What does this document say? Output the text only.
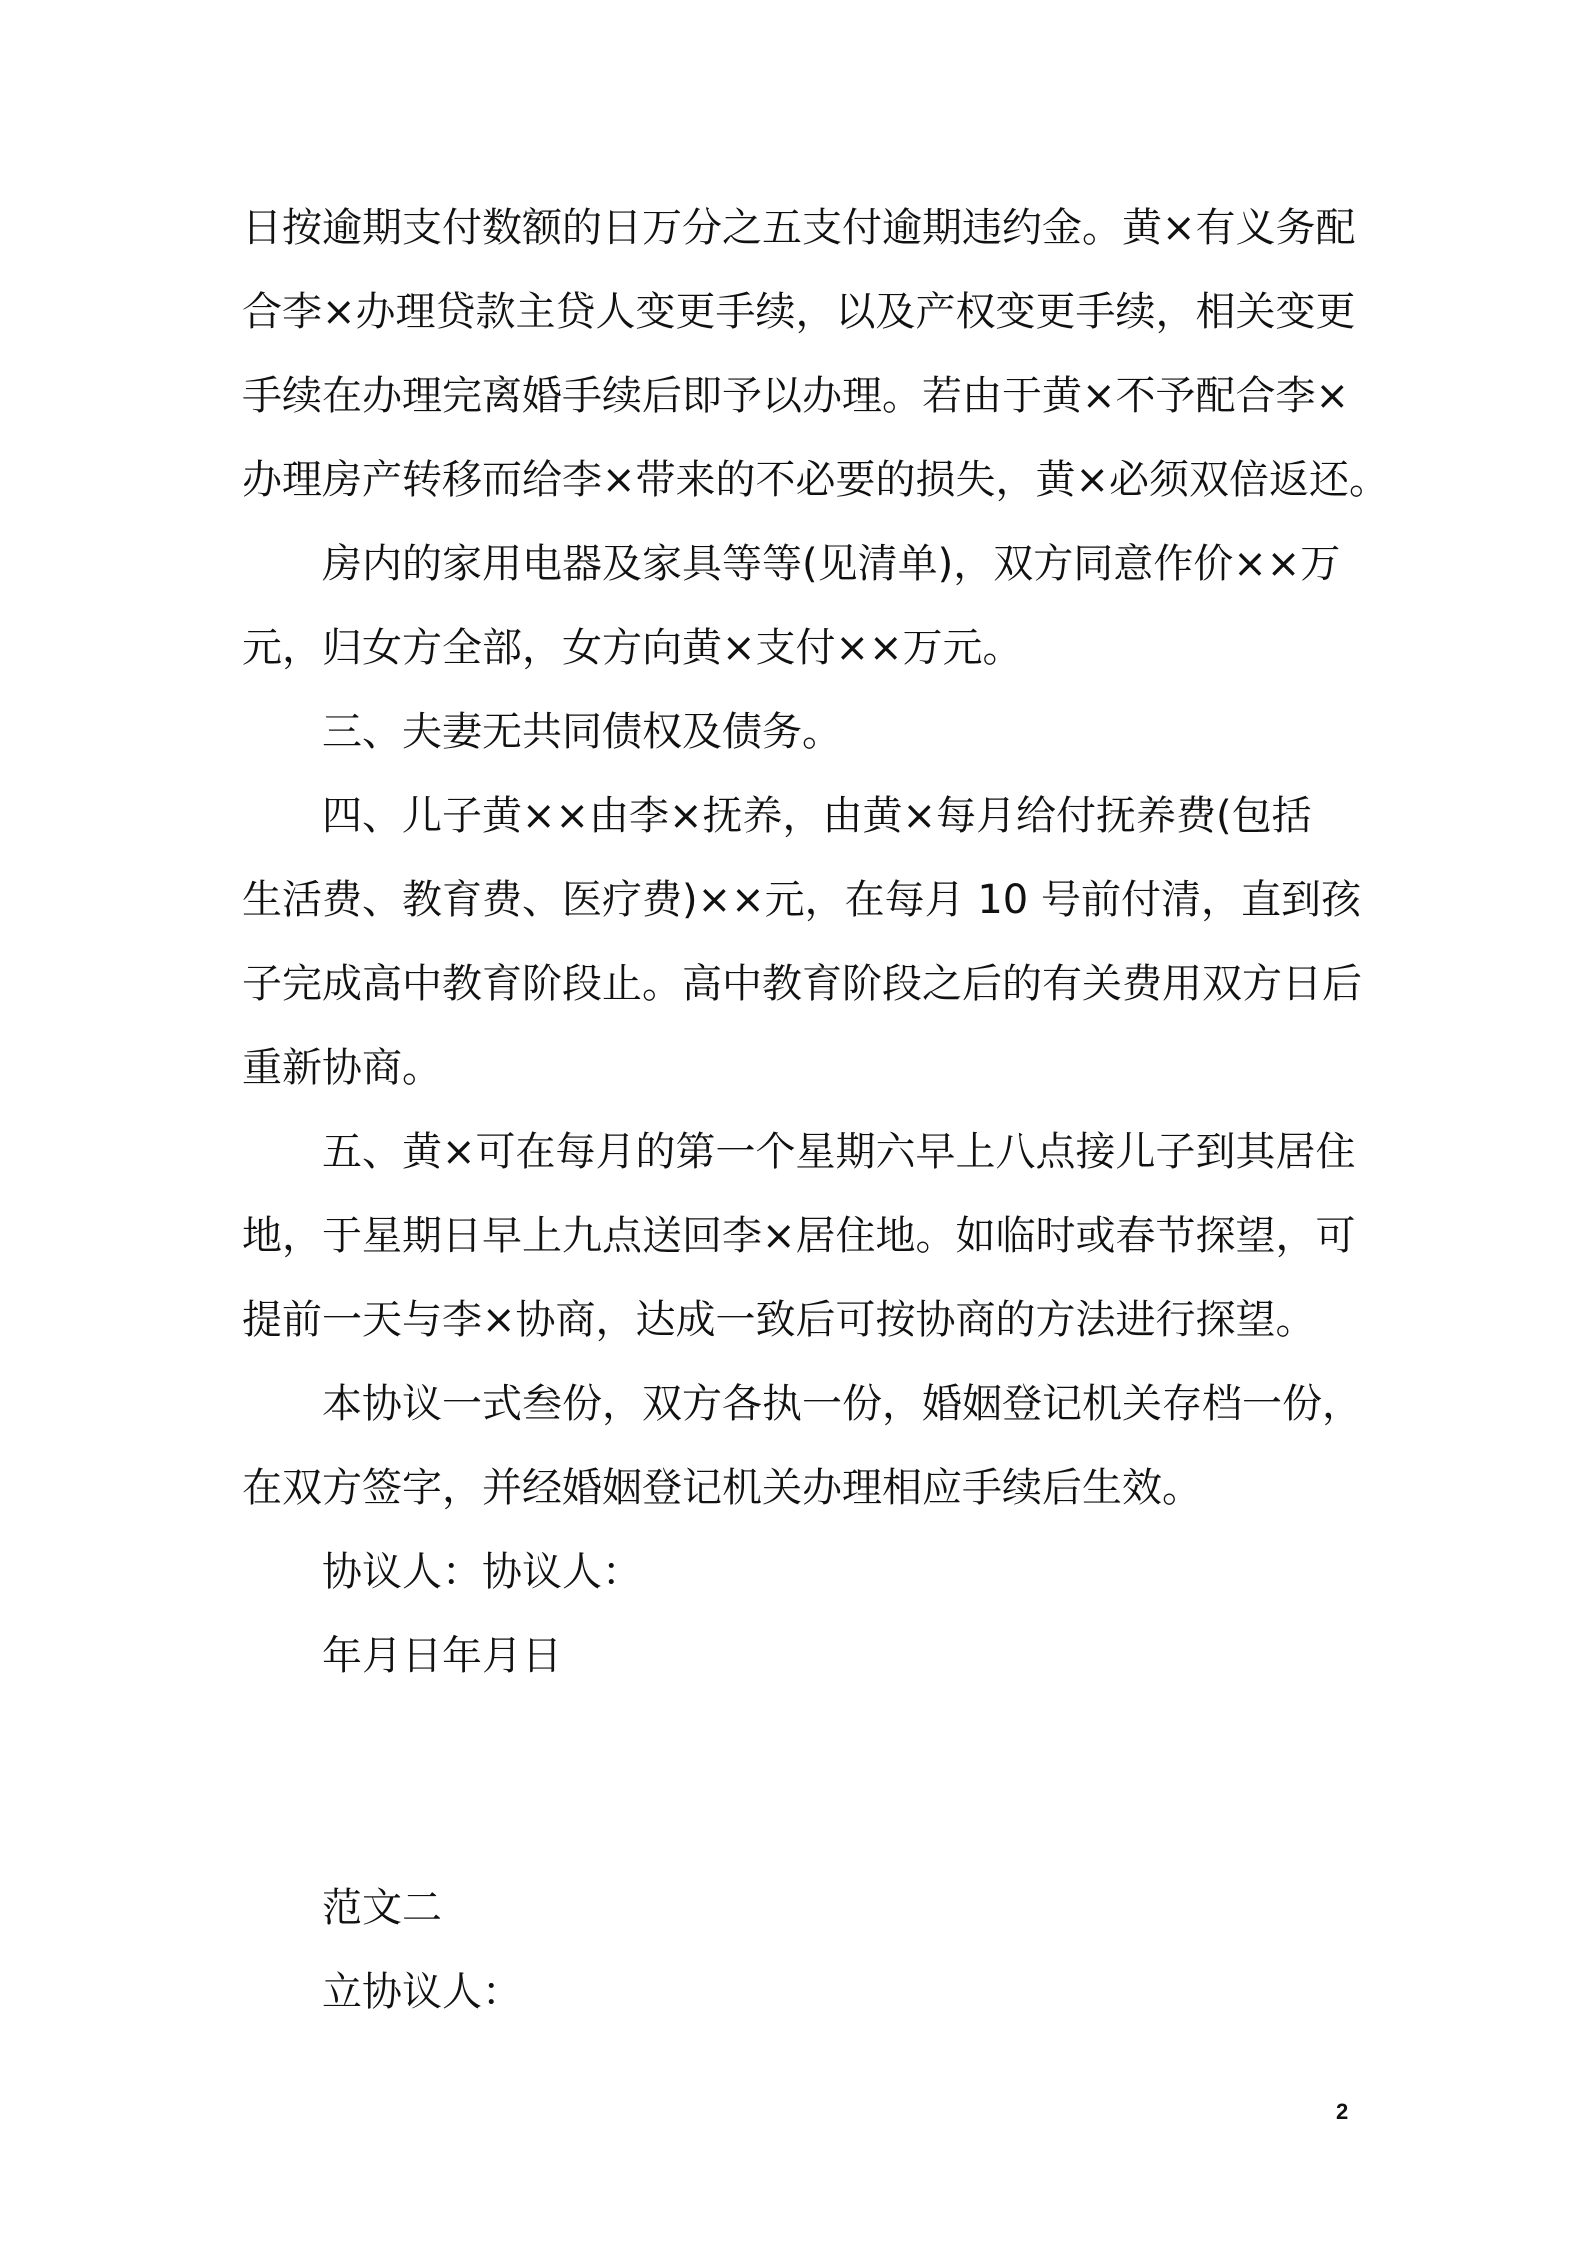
日按逾期支付数额的日万分之五支付逾期违约金。黄×有义务配
合李×办理贷款主贷人变更手续，以及产权变更手续，相关变更
手续在办理完离婚手续后即予以办理。若由于黄×不予配合李×
办理房产转移而给李×带来的不必要的损失，黄×必须双倍返还。
房内的家用电器及家具等等(见清单)，双方同意作价××万
元，归女方全部，女方向黄×支付××万元。
三、夫妻无共同债权及债务。
四、儿子黄××由李×抚养，由黄×每月给付抚养费(包括
生活费、教育费、医疗费)××元，在每月 10 号前付清，直到孩
子完成高中教育阶段止。高中教育阶段之后的有关费用双方日后
重新协商。
五、黄×可在每月的第一个星期六早上八点接儿子到其居住
地，于星期日早上九点送回李×居住地。如临时或春节探望，可
提前一天与李×协商，达成一致后可按协商的方法进行探望。
本协议一式叁份，双方各执一份，婚姻登记机关存档一份，
在双方签字，并经婚姻登记机关办理相应手续后生效。
协议人：协议人：
年月日年月日
范文二
立协议人：
2
